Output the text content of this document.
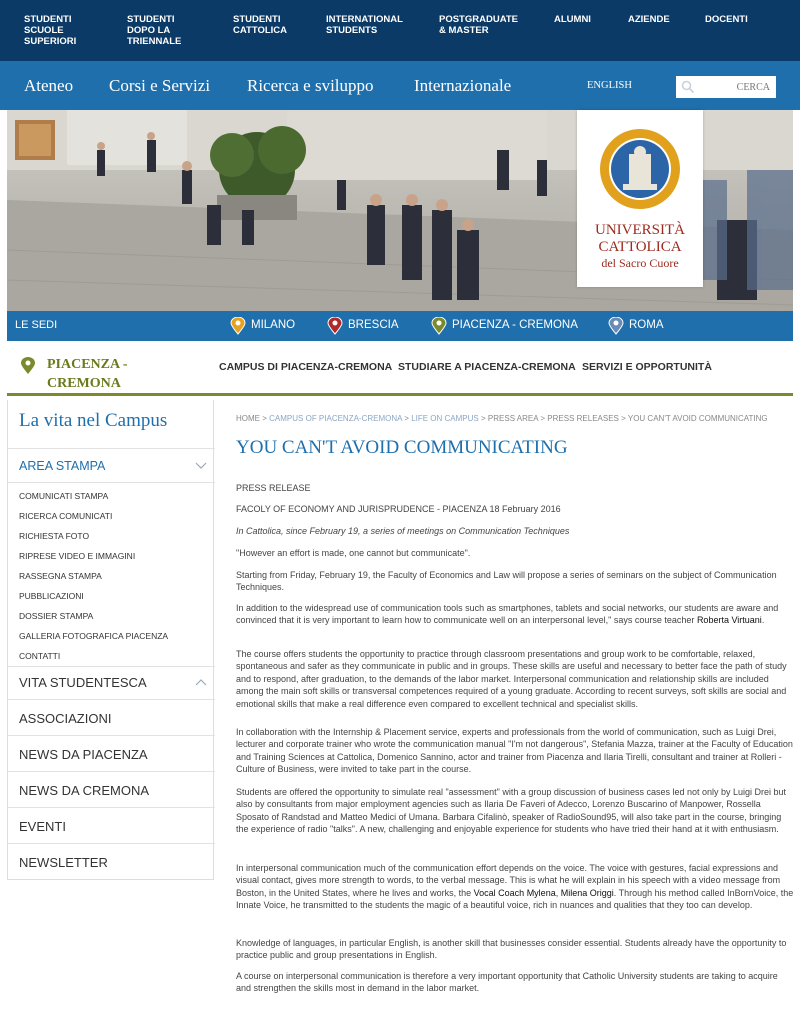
STUDENTI
SCUOLE
SUPERIORI
STUDENTI
DOPO LA
TRIENNALE
STUDENTI
CATTOLICA
INTERNATIONAL
STUDENTS
POSTGRADUATE
& MASTER
ALUMNI	AZIENDE	DOCENTI
Ateneo Corsi e Servizi Ricerca e sviluppo Internazionale	ENGLISH
CERCA
UNIVERSITÀ
CATTOLICA
del Sacro Cuore
LE SEDI	MILANO	BRESCIA	PIACENZA - CREMONA	ROMA
PIACENZA -
CREMONA
CAMPUS DI PIACENZA-CREMONA STUDIARE A PIACENZA-CREMONA SERVIZI E OPPORTUNITÀ
La vita nel Campus
AREA STAMPA
COMUNICATI STAMPA
RICERCA COMUNICATI
RICHIESTA FOTO
RIPRESE VIDEO E IMMAGINI
RASSEGNA STAMPA
PUBBLICAZIONI
DOSSIER STAMPA
GALLERIA FOTOGRAFICA PIACENZA
CONTATTI
VITA STUDENTESCA
ASSOCIAZIONI
NEWS DA PIACENZA
NEWS DA CREMONA
EVENTI
NEWSLETTER
HOME > CAMPUS OF PIACENZA-CREMONA > LIFE ON CAMPUS > PRESS AREA > PRESS RELEASES > YOU CAN'T AVOID COMMUNICATING
YOU CAN'T AVOID COMMUNICATING
PRESS RELEASE
FACOLY OF ECONOMY AND JURISPRUDENCE - PIACENZA 18 February 2016
In Cattolica, since February 19, a series of meetings on Communication Techniques
"However an effort is made, one cannot but communicate".
Starting from Friday, February 19, the Faculty of Economics and Law will propose a series of seminars on the subject of Communication Techniques.
In addition to the widespread use of communication tools such as smartphones, tablets and social networks, our students are aware and convinced that it is very important to learn how to communicate well on an interpersonal level," says course teacher Roberta Virtuani.
The course offers students the opportunity to practice through classroom presentations and group work to be comfortable, relaxed, spontaneous and safer as they communicate in public and in groups. These skills are useful and necessary to better face the path of study and to respond, after graduation, to the demands of the labor market. Interpersonal communication and relationship skills are included among the main soft skills or transversal competences required of a young graduate. According to recent surveys, soft skills are social and emotional skills that make a real difference even compared to excellent technical and specialist skills.
In collaboration with the Internship & Placement service, experts and professionals from the world of communication, such as Luigi Drei, lecturer and corporate trainer who wrote the communication manual "I'm not dangerous", Stefania Mazza, trainer at the Faculty of Education and Training Sciences at Cattolica, Domenico Sannino, actor and trainer from Piacenza and Ilaria Tirelli, consultant and trainer at Rolleri - Culture of Business, were invited to take part in the course.
Students are offered the opportunity to simulate real "assessment" with a group discussion of business cases led not only by Luigi Drei but also by consultants from major employment agencies such as Ilaria De Faveri of Adecco, Lorenzo Buscarino of Manpower, Rossella Sposato of Randstad and Matteo Medici of Umana. Barbara Cifalinò, speaker of RadioSound95, will also take part in the course, bringing the experience of radio "talks". A new, challenging and enjoyable experience for students who have tried their hand at it with enthusiasm.
In interpersonal communication much of the communication effort depends on the voice. The voice with gestures, facial expressions and visual contact, gives more strength to words, to the verbal message. This is what he will explain in his speech with a video message from Boston, in the United States, where he lives and works, the Vocal Coach Mylena, Milena Origgi. Through his method called InBornVoice, the Innate Voice, he transmitted to the students the magic of a beautiful voice, rich in nuances and qualities that they too can develop.
Knowledge of languages, in particular English, is another skill that businesses consider essential. Students already have the opportunity to practice public and group presentations in English.
A course on interpersonal communication is therefore a very important opportunity that Catholic University students are taking to acquire and strengthen the skills most in demand in the labor market.
